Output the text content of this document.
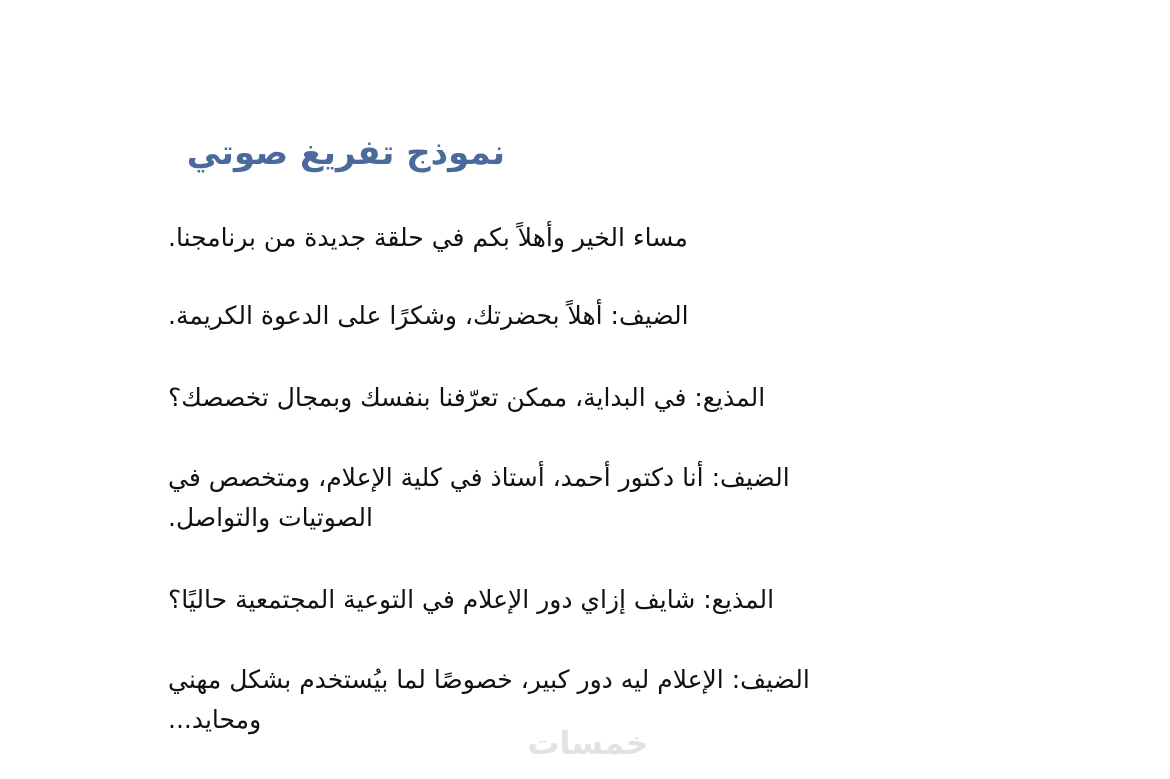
نموذج تفريغ صوتي

مساء الخير وأهلاً بكم في حلقة جديدة من برنامجنا.

الضيف: أهلاً بحضرتك، وشكرًا على الدعوة الكريمة.

المذيع: في البداية، ممكن تعرّفنا بنفسك وبمجال تخصصك؟

الضيف: أنا دكتور أحمد، أستاذ في كلية الإعلام، ومتخصص في
الصوتيات والتواصل.

المذيع: شايف إزاي دور الإعلام في التوعية المجتمعية حاليًا؟

الضيف: الإعلام ليه دور كبير، خصوصًا لما بيُستخدم بشكل مهني
ومحايد...

خمسات
